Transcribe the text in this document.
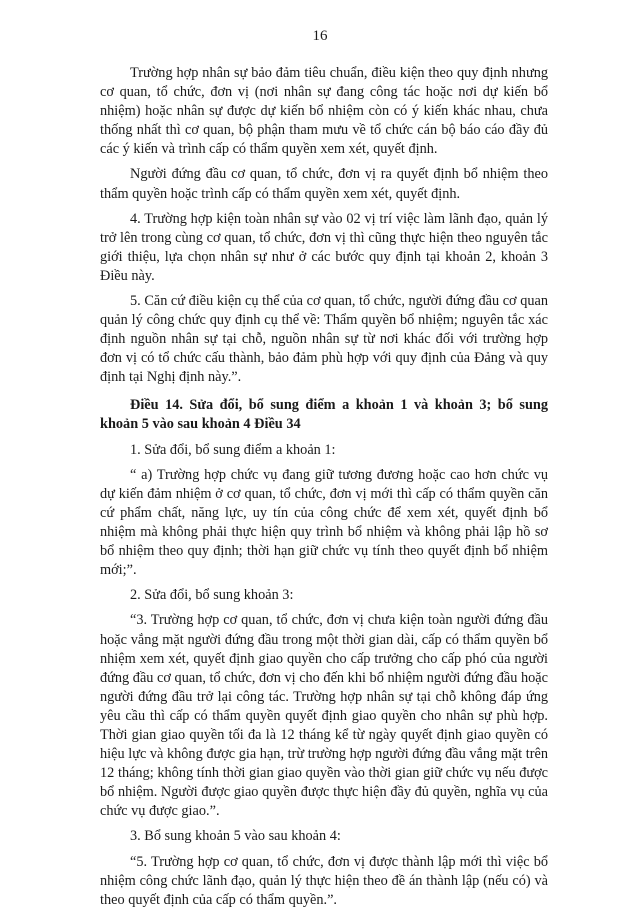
16

Trường hợp nhân sự bảo đảm tiêu chuẩn, điều kiện theo quy định nhưng cơ quan, tổ chức, đơn vị (nơi nhân sự đang công tác hoặc nơi dự kiến bổ nhiệm) hoặc nhân sự được dự kiến bổ nhiệm còn có ý kiến khác nhau, chưa thống nhất thì cơ quan, bộ phận tham mưu về tổ chức cán bộ báo cáo đầy đủ các ý kiến và trình cấp có thẩm quyền xem xét, quyết định.

Người đứng đầu cơ quan, tổ chức, đơn vị ra quyết định bổ nhiệm theo thẩm quyền hoặc trình cấp có thẩm quyền xem xét, quyết định.

4. Trường hợp kiện toàn nhân sự vào 02 vị trí việc làm lãnh đạo, quản lý trở lên trong cùng cơ quan, tổ chức, đơn vị thì cũng thực hiện theo nguyên tắc giới thiệu, lựa chọn nhân sự như ở các bước quy định tại khoản 2, khoản 3 Điều này.

5. Căn cứ điều kiện cụ thể của cơ quan, tổ chức, người đứng đầu cơ quan quản lý công chức quy định cụ thể về: Thẩm quyền bổ nhiệm; nguyên tắc xác định nguồn nhân sự tại chỗ, nguồn nhân sự từ nơi khác đối với trường hợp đơn vị có tổ chức cấu thành, bảo đảm phù hợp với quy định của Đảng và quy định tại Nghị định này.”.

Điều 14. Sửa đổi, bổ sung điểm a khoản 1 và khoản 3; bổ sung khoản 5 vào sau khoản 4 Điều 34

1. Sửa đổi, bổ sung điểm a khoản 1:

“ a) Trường hợp chức vụ đang giữ tương đương hoặc cao hơn chức vụ dự kiến đảm nhiệm ở cơ quan, tổ chức, đơn vị mới thì cấp có thẩm quyền căn cứ phẩm chất, năng lực, uy tín của công chức để xem xét, quyết định bổ nhiệm mà không phải thực hiện quy trình bổ nhiệm và không phải lập hồ sơ bổ nhiệm theo quy định; thời hạn giữ chức vụ tính theo quyết định bổ nhiệm mới;”.

2. Sửa đổi, bổ sung khoản 3:

“3. Trường hợp cơ quan, tổ chức, đơn vị chưa kiện toàn người đứng đầu hoặc vắng mặt người đứng đầu trong một thời gian dài, cấp có thẩm quyền bổ nhiệm xem xét, quyết định giao quyền cho cấp trưởng cho cấp phó của người đứng đầu cơ quan, tổ chức, đơn vị cho đến khi bổ nhiệm người đứng đầu hoặc người đứng đầu trở lại công tác. Trường hợp nhân sự tại chỗ không đáp ứng yêu cầu thì cấp có thẩm quyền quyết định giao quyền cho nhân sự phù hợp. Thời gian giao quyền tối đa là 12 tháng kể từ ngày quyết định giao quyền có hiệu lực và không được gia hạn, trừ trường hợp người đứng đầu vắng mặt trên 12 tháng; không tính thời gian giao quyền vào thời gian giữ chức vụ nếu được bổ nhiệm. Người được giao quyền được thực hiện đầy đủ quyền, nghĩa vụ của chức vụ được giao.”.

3. Bổ sung khoản 5 vào sau khoản 4:

“5. Trường hợp cơ quan, tổ chức, đơn vị được thành lập mới thì việc bổ nhiệm công chức lãnh đạo, quản lý thực hiện theo đề án thành lập (nếu có) và theo quyết định của cấp có thẩm quyền.”.
